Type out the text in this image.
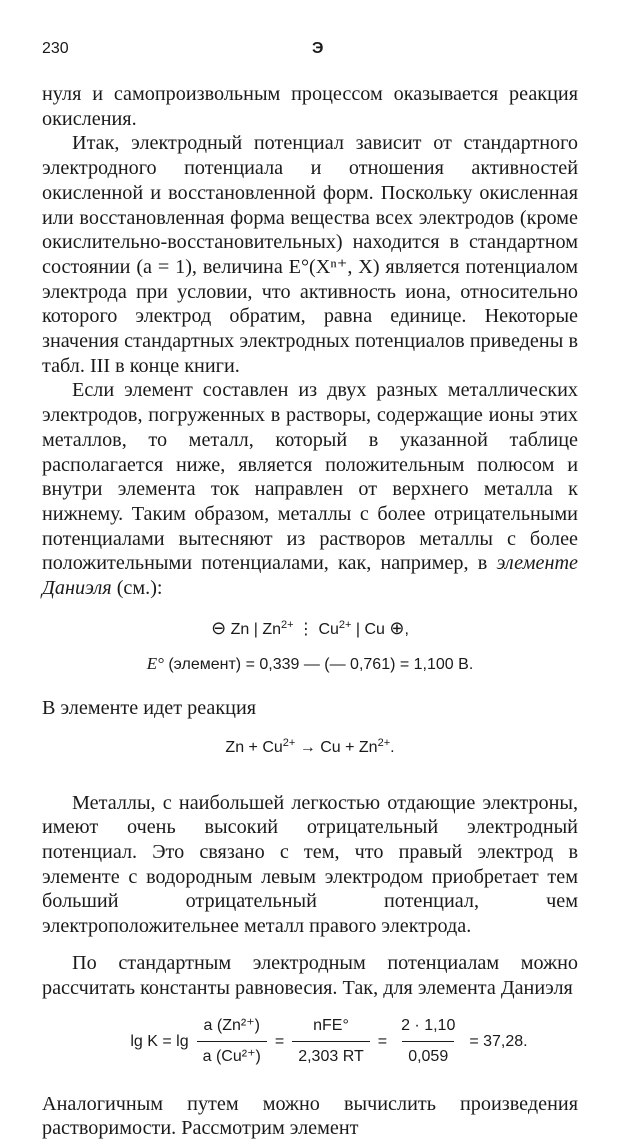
230	Э

нуля и самопроизвольным процессом оказывается реакция окисления.

Итак, электродный потенциал зависит от стандартного электродного потенциала и отношения активностей окисленной и восстановленной форм. Поскольку окисленная или восстановленная форма вещества всех электродов (кроме окислительно-восстановительных) находится в стандартном состоянии (a = 1), величина E°(Xⁿ⁺, X) является потенциалом электрода при условии, что активность иона, относительно которого электрод обратим, равна единице. Некоторые значения стандартных электродных потенциалов приведены в табл. III в конце книги.

Если элемент составлен из двух разных металлических электродов, погруженных в растворы, содержащие ионы этих металлов, то металл, который в указанной таблице располагается ниже, является положительным полюсом и внутри элемента ток направлен от верхнего металла к нижнему. Таким образом, металлы с более отрицательными потенциалами вытесняют из растворов металлы с более положительными потенциалами, как, например, в элементе Даниэля (см.):

⊖ Zn | $Zn^{2+}$ ⋮ $Cu^{2+}$ | Cu ⊕,
E° (элемент) = 0,339 — (— 0,761) = 1,100 В.

В элементе идет реакция

$Zn + Cu^{2+} \to Cu + Zn^{2+}$.

Металлы, с наибольшей легкостью отдающие электроны, имеют очень высокий отрицательный электродный потенциал. Это связано с тем, что правый электрод в элементе с водородным левым электродом приобретает тем больший отрицательный потенциал, чем электроположительнее металл правого электрода.

По стандартным электродным потенциалам можно рассчитать константы равновесия. Так, для элемента Даниэля

$\lg K = \lg \frac{\text{a (Zn²⁺)}}{\text{a (Cu²⁺)}} = \frac{\text{nFE°}}{2,303 RT} = \frac{2 \cdot 1,10}{0,059} = 37,28$.

Аналогичным путем можно вычислить произведения растворимости. Рассмотрим элемент
